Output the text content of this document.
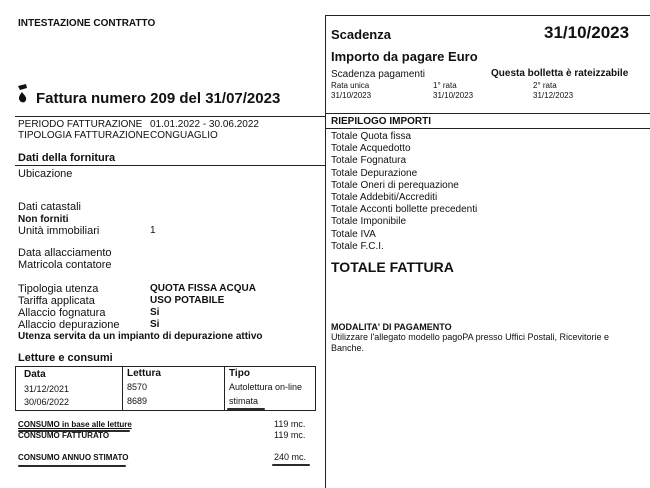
INTESTAZIONE CONTRATTO
Fattura numero 209 del 31/07/2023
PERIODO FATTURAZIONE 01.01.2022 - 30.06.2022
TIPOLOGIA FATTURAZIONE CONGUAGLIO
Dati della fornitura
Ubicazione
Dati catastali
Non forniti
Unità immobiliari	1
Data allacciamento
Matricola contatore
Tipologia utenza	QUOTA FISSA ACQUA
Tariffa applicata	USO POTABILE
Allaccio fognatura	Si
Allaccio depurazione	Si
Utenza servita da un impianto di depurazione attivo
Letture e consumi
Data	Lettura	Tipo
31/12/2021	8570	Autolettura on-line
30/06/2022	8689	stimata
CONSUMO in base alle letture	119 mc.
CONSUMO FATTURATO	119 mc.
CONSUMO ANNUO STIMATO	240 mc.
Scadenza	31/10/2023
Importo da pagare Euro
Scadenza pagamenti	Questa bolletta è rateizzabile
Rata unica	1° rata	2° rata
31/10/2023	31/10/2023	31/12/2023
RIEPILOGO IMPORTI
Totale Quota fissa
Totale Acquedotto
Totale Fognatura
Totale Depurazione
Totale Oneri di perequazione
Totale Addebiti/Accrediti
Totale Acconti bollette precedenti
Totale Imponibile
Totale IVA
Totale F.C.I.
TOTALE FATTURA
MODALITA' DI PAGAMENTO
Utilizzare l'allegato modello pagoPA presso Uffici Postali, Ricevitorie e
Banche.
